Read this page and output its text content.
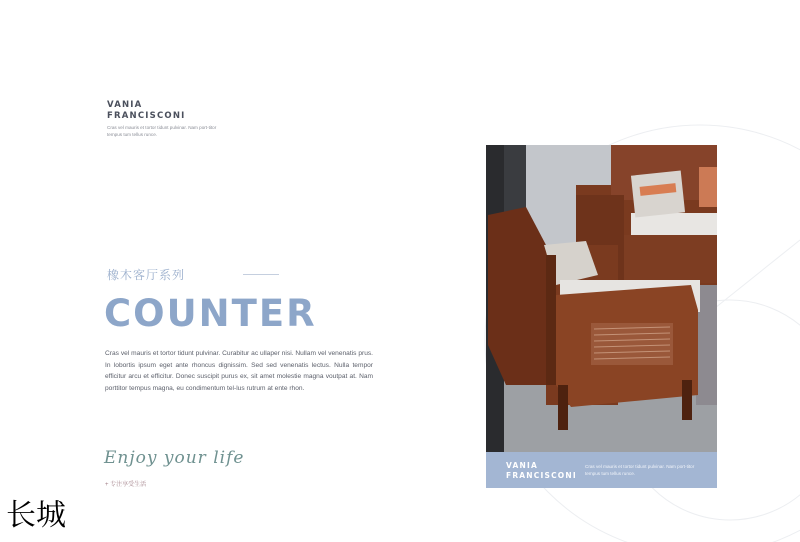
VANIA
FRANCISCONI
Cras vel mauris et tortor tidunt pulvinar. Nam port-titor tempus tum tellus runce.
橡木客厅系列
COUNTER
Cras vel mauris et tortor tidunt pulvinar. Curabitur ac ullaper nisi. Nullam vel venenatis prus. In lobortis ipsum eget ante rhoncus dignissim. Sed sed venenatis lectus. Nulla tempor efficitur arcu et efficitur. Donec suscipit purus ex, sit amet molestie magna voutpat at. Nam porttitor tempus magna, eu condimentum tel-lus rutrum at ente rhon.
Enjoy your life
+ 专注享受生活
长城
VANIA
FRANCISCONI
Cras vel mauris et tortor tidunt pulvinar. Nam port-titor tempus tum tellus runce.
